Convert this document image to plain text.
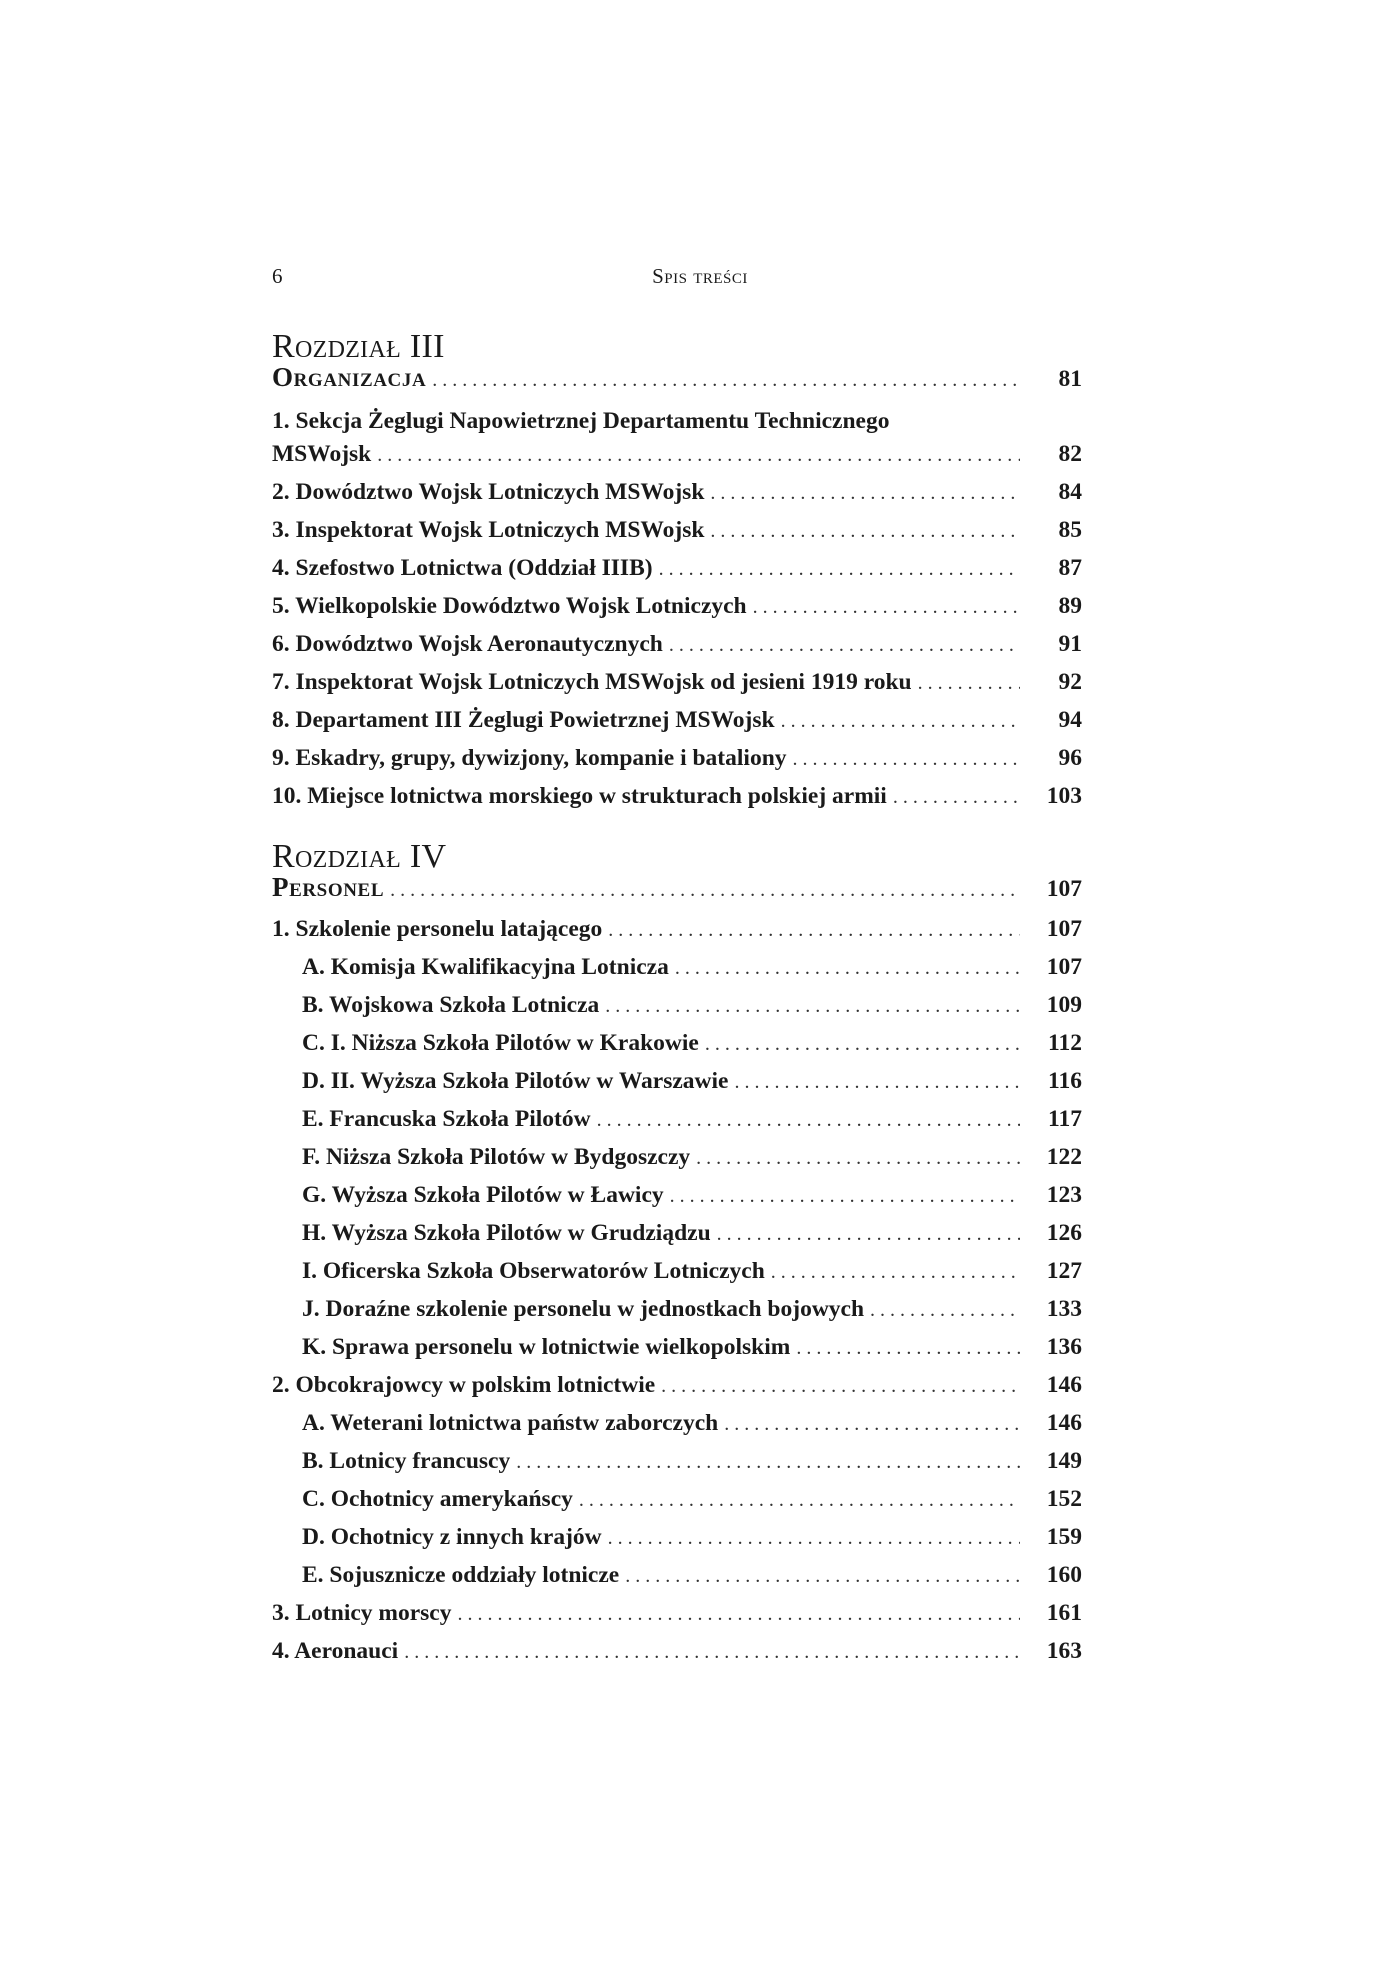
6	Spis treści
Rozdział III
Organizacja . . .	81
1. Sekcja Żeglugi Napowietrznej Departamentu Technicznego
MSWojsk . . .	82
2. Dowództwo Wojsk Lotniczych MSWojsk . . .	84
3. Inspektorat Wojsk Lotniczych MSWojsk . . .	85
4. Szefostwo Lotnictwa (Oddział IIIB) . . .	87
5. Wielkopolskie Dowództwo Wojsk Lotniczych . . .	89
6. Dowództwo Wojsk Aeronautycznych . . .	91
7. Inspektorat Wojsk Lotniczych MSWojsk od jesieni 1919 roku . . .	92
8. Departament III Żeglugi Powietrznej MSWojsk . . .	94
9. Eskadry, grupy, dywizjony, kompanie i bataliony . . .	96
10. Miejsce lotnictwa morskiego w strukturach polskiej armii . . .	103
Rozdział IV
Personel . . .	107
1. Szkolenie personelu latającego . . .	107
A. Komisja Kwalifikacyjna Lotnicza . . .	107
B. Wojskowa Szkoła Lotnicza . . .	109
C. I. Niższa Szkoła Pilotów w Krakowie . . .	112
D. II. Wyższa Szkoła Pilotów w Warszawie . . .	116
E. Francuska Szkoła Pilotów . . .	117
F. Niższa Szkoła Pilotów w Bydgoszczy . . .	122
G. Wyższa Szkoła Pilotów w Ławicy . . .	123
H. Wyższa Szkoła Pilotów w Grudziądzu . . .	126
I. Oficerska Szkoła Obserwatorów Lotniczych . . .	127
J. Doraźne szkolenie personelu w jednostkach bojowych . . .	133
K. Sprawa personelu w lotnictwie wielkopolskim . . .	136
2. Obcokrajowcy w polskim lotnictwie . . .	146
A. Weterani lotnictwa państw zaborczych . . .	146
B. Lotnicy francuscy . . .	149
C. Ochotnicy amerykańscy . . .	152
D. Ochotnicy z innych krajów . . .	159
E. Sojusznicze oddziały lotnicze . . .	160
3. Lotnicy morscy . . .	161
4. Aeronauci . . .	163
